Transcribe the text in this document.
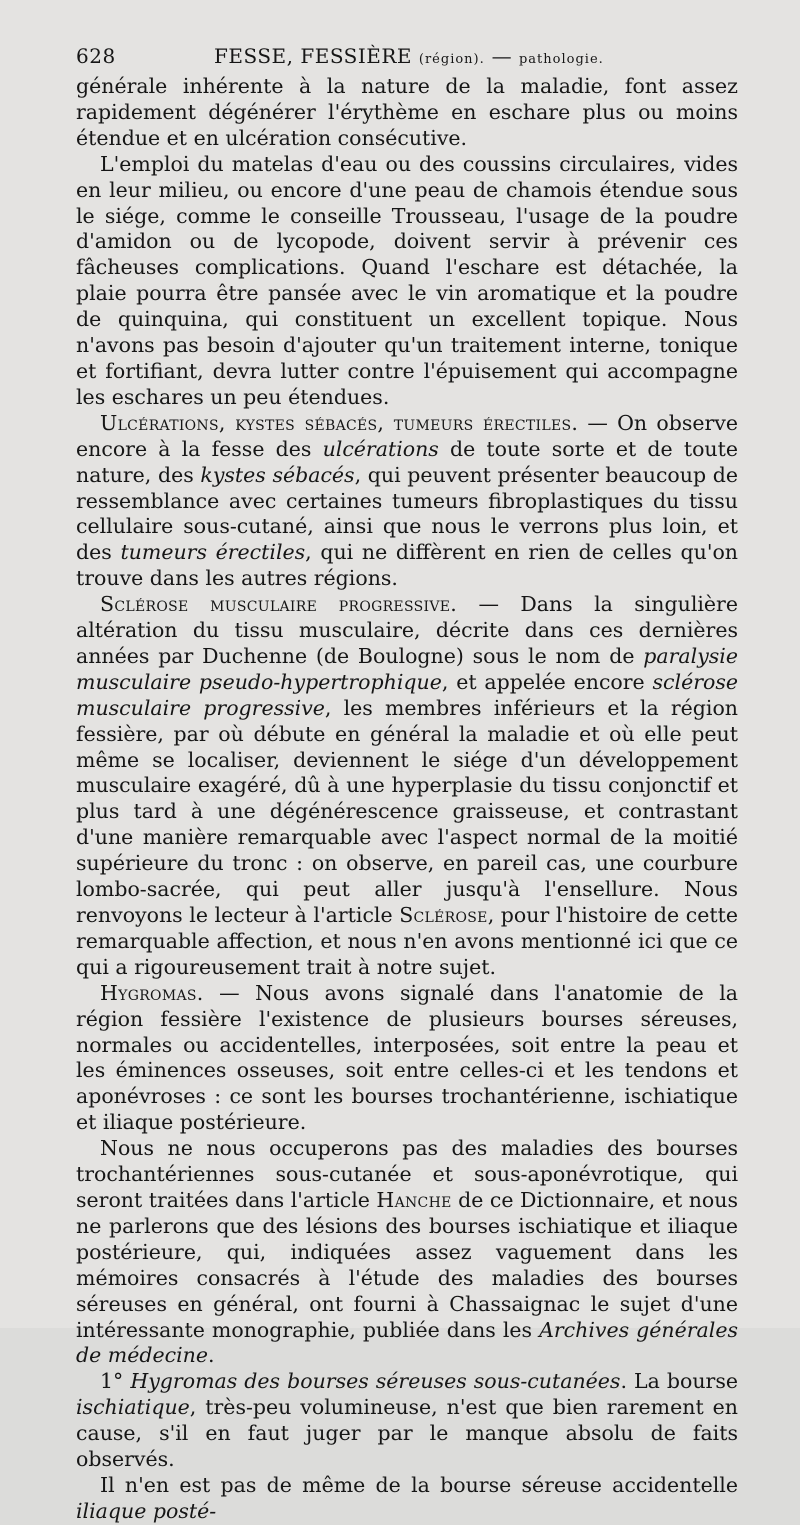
628	FESSE, FESSIÈRE (région). — pathologie.

générale inhérente à la nature de la maladie, font assez rapidement dégénérer l'érythème en eschare plus ou moins étendue et en ulcération consécutive.

L'emploi du matelas d'eau ou des coussins circulaires, vides en leur milieu, ou encore d'une peau de chamois étendue sous le siége, comme le conseille Trousseau, l'usage de la poudre d'amidon ou de lycopode, doivent servir à prévenir ces fâcheuses complications. Quand l'eschare est détachée, la plaie pourra être pansée avec le vin aromatique et la poudre de quinquina, qui constituent un excellent topique. Nous n'avons pas besoin d'ajouter qu'un traitement interne, tonique et fortifiant, devra lutter contre l'épuisement qui accompagne les eschares un peu étendues.

Ulcérations, kystes sébacés, tumeurs érectiles. — On observe encore à la fesse des ulcérations de toute sorte et de toute nature, des kystes sébacés, qui peuvent présenter beaucoup de ressemblance avec certaines tumeurs fibroplastiques du tissu cellulaire sous-cutané, ainsi que nous le verrons plus loin, et des tumeurs érectiles, qui ne diffèrent en rien de celles qu'on trouve dans les autres régions.

Sclérose musculaire progressive. — Dans la singulière altération du tissu musculaire, décrite dans ces dernières années par Duchenne (de Boulogne) sous le nom de paralysie musculaire pseudo-hypertrophique, et appelée encore sclérose musculaire progressive, les membres inférieurs et la région fessière, par où débute en général la maladie et où elle peut même se localiser, deviennent le siége d'un développement musculaire exagéré, dû à une hyperplasie du tissu conjonctif et plus tard à une dégénérescence graisseuse, et contrastant d'une manière remarquable avec l'aspect normal de la moitié supérieure du tronc : on observe, en pareil cas, une courbure lombo-sacrée, qui peut aller jusqu'à l'ensellure. Nous renvoyons le lecteur à l'article Sclérose, pour l'histoire de cette remarquable affection, et nous n'en avons mentionné ici que ce qui a rigoureusement trait à notre sujet.

Hygromas. — Nous avons signalé dans l'anatomie de la région fessière l'existence de plusieurs bourses séreuses, normales ou accidentelles, interposées, soit entre la peau et les éminences osseuses, soit entre celles-ci et les tendons et aponévroses : ce sont les bourses trochantérienne, ischiatique et iliaque postérieure.

Nous ne nous occuperons pas des maladies des bourses trochantériennes sous-cutanée et sous-aponévrotique, qui seront traitées dans l'article Hanche de ce Dictionnaire, et nous ne parlerons que des lésions des bourses ischiatique et iliaque postérieure, qui, indiquées assez vaguement dans les mémoires consacrés à l'étude des maladies des bourses séreuses en général, ont fourni à Chassaignac le sujet d'une intéressante monographie, publiée dans les Archives générales de médecine.

1° Hygromas des bourses séreuses sous-cutanées. La bourse ischiatique, très-peu volumineuse, n'est que bien rarement en cause, s'il en faut juger par le manque absolu de faits observés.

Il n'en est pas de même de la bourse séreuse accidentelle iliaque posté-
